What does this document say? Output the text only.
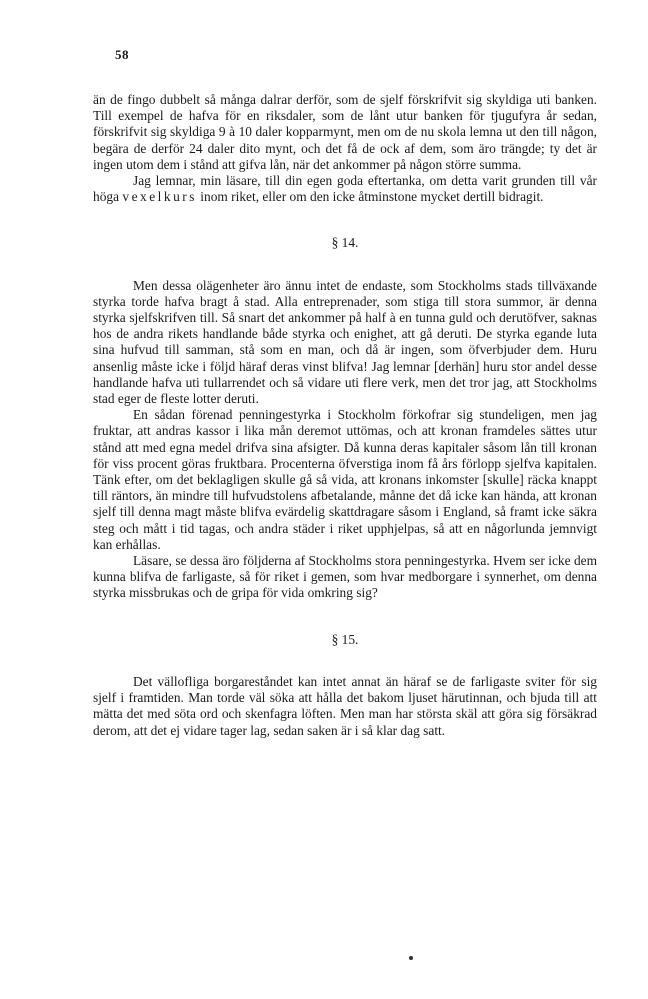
58

än de fingo dubbelt så många dalrar derför, som de sjelf förskrifvit sig skyldiga uti banken. Till exempel de hafva för en riksdaler, som de lånt utur banken för tjugufyra år sedan, förskrifvit sig skyldiga 9 à 10 daler kopparmynt, men om de nu skola lemna ut den till någon, begära de derför 24 daler dito mynt, och det få de ock af dem, som äro trängde; ty det är ingen utom dem i stånd att gifva lån, när det ankommer på någon större summa.

Jag lemnar, min läsare, till din egen goda eftertanka, om detta varit grunden till vår höga vexelkurs inom riket, eller om den icke åtminstone mycket dertill bidragit.

§ 14.

Men dessa olägenheter äro ännu intet de endaste, som Stockholms stads tillväxande styrka torde hafva bragt å stad. Alla entreprenader, som stiga till stora summor, är denna styrka sjelfskrifven till. Så snart det ankommer på half à en tunna guld och derutöfver, saknas hos de andra rikets handlande både styrka och enighet, att gå deruti. De styrka egande luta sina hufvud till samman, stå som en man, och då är ingen, som öfverbjuder dem. Huru ansenlig måste icke i följd häraf deras vinst blifva! Jag lemnar [derhän] huru stor andel desse handlande hafva uti tullarrendet och så vidare uti flere verk, men det tror jag, att Stockholms stad eger de fleste lotter deruti.

En sådan förenad penningestyrka i Stockholm förkofrar sig stundeligen, men jag fruktar, att andras kassor i lika mån deremot uttömas, och att kronan framdeles sättes utur stånd att med egna medel drifva sina afsigter. Då kunna deras kapitaler såsom lån till kronan för viss procent göras fruktbara. Procenterna öfverstiga inom få års förlopp sjelfva kapitalen. Tänk efter, om det beklagligen skulle gå så vida, att kronans inkomster [skulle] räcka knappt till räntors, än mindre till hufvudstolens afbetalande, månne det då icke kan hända, att kronan sjelf till denna magt måste blifva evärdelig skattdragare såsom i England, så framt icke säkra steg och mått i tid tagas, och andra städer i riket upphjelpas, så att en någorlunda jemnvigt kan erhållas.

Läsare, se dessa äro följderna af Stockholms stora penningestyrka. Hvem ser icke dem kunna blifva de farligaste, så för riket i gemen, som hvar medborgare i synnerhet, om denna styrka missbrukas och de gripa för vida omkring sig?

§ 15.

Det vällofliga borgareståndet kan intet annat än häraf se de farligaste sviter för sig sjelf i framtiden. Man torde väl söka att hålla det bakom ljuset härutinnan, och bjuda till att mätta det med söta ord och skenfagra löften. Men man har största skäl att göra sig försäkrad derom, att det ej vidare tager lag, sedan saken är i så klar dag satt.
